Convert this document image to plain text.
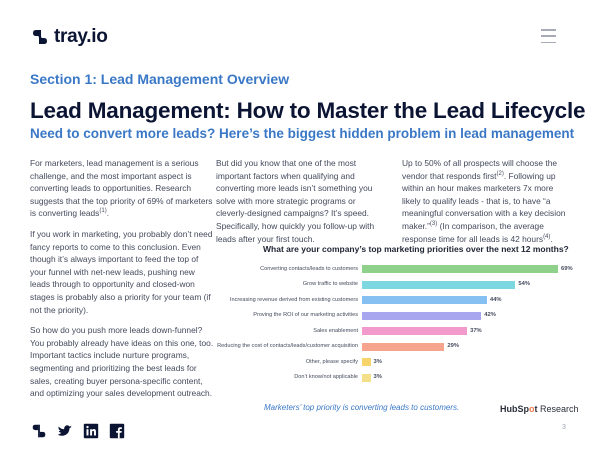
tray.io
Section 1: Lead Management Overview
Lead Management: How to Master the Lead Lifecycle
Need to convert more leads? Here’s the biggest hidden problem in lead management

For marketers, lead management is a serious challenge, and the most important aspect is converting leads to opportunities. Research suggests that the top priority of 69% of marketers is converting leads$^{(1)}$.

If you work in marketing, you probably don’t need fancy reports to come to this conclusion. Even though it’s always important to feed the top of your funnel with net-new leads, pushing new leads through to opportunity and closed-won stages is probably also a priority for your team (if not the priority).

So how do you push more leads down-funnel? You probably already have ideas on this one, too. Important tactics include nurture programs, segmenting and prioritizing the best leads for sales, creating buyer persona-specific content, and optimizing your sales development outreach.

But did you know that one of the most important factors when qualifying and converting more leads isn’t something you solve with more strategic programs or cleverly-designed campaigns? It’s speed. Specifically, how quickly you follow-up with leads after your first touch.

Up to 50% of all prospects will choose the vendor that responds first$^{(2)}$. Following up within an hour makes marketers 7x more likely to qualify leads - that is, to have “a meaningful conversation with a key decision maker.”$^{(3)}$ (In comparison, the average response time for all leads is 42 hours$^{(4)}$.

What are your company’s top marketing priorities over the next 12 months?
Converting contacts/leads to customers	69%
Grow traffic to website	54%
Increasing revenue derived from existing customers	44%
Proving the ROI of our marketing activities	42%
Sales enablement	37%
Reducing the cost of contacts/leads/customer acquisition	29%
Other, please specify	3%
Don’t know/not applicable	3%
Marketers’ top priority is converting leads to customers.	HubSpot Research
3
